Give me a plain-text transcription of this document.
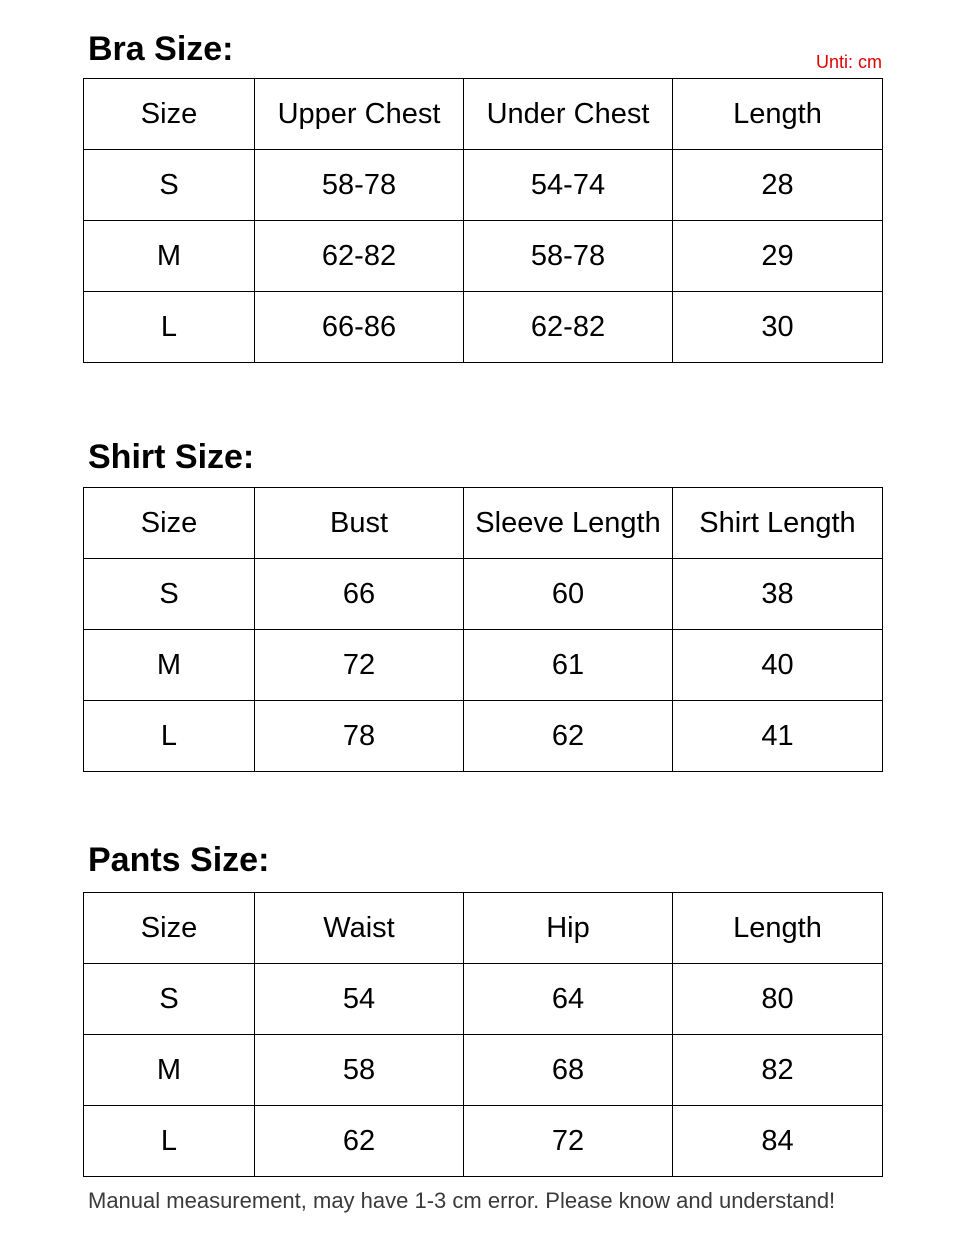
Bra Size:	Unti: cm
Size	Upper Chest	Under Chest	Length
S	58-78	54-74	28
M	62-82	58-78	29
L	66-86	62-82	30
Shirt Size:
Size	Bust	Sleeve Length	Shirt Length
S	66	60	38
M	72	61	40
L	78	62	41
Pants Size:
Size	Waist	Hip	Length
S	54	64	80
M	58	68	82
L	62	72	84
Manual measurement, may have 1-3 cm error. Please know and understand!
